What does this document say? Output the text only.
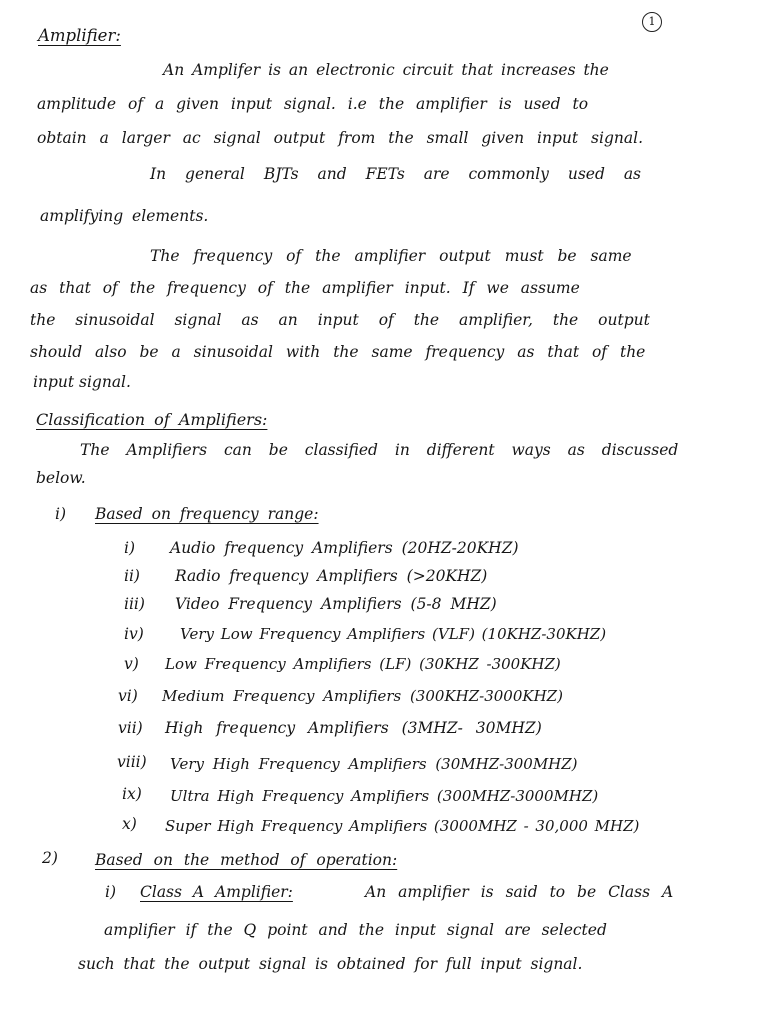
1
Amplifier:
An Amplifer is an electronic circuit that increases the
amplitude of a given input signal. i.e the amplifier is used to
obtain a larger ac signal output from the small given input signal.
In general BJTs and FETs are commonly used as
amplifying elements.
The frequency of the amplifier output must be same
as that of the frequency of the amplifier input. If we assume
the sinusoidal signal as an input of the amplifier, the output
should also be a sinusoidal with the same frequency as that of the
input signal.
Classification of Amplifiers:
The Amplifiers can be classified in different ways as discussed
below.
i) Based on frequency range:
i) Audio frequency Amplifiers (20HZ-20KHZ)
ii) Radio frequency Amplifiers (>20KHZ)
iii) Video Frequency Amplifiers (5-8 MHZ)
iv) Very Low Frequency Amplifiers (VLF) (10KHZ-30KHZ)
v) Low Frequency Amplifiers (LF) (30KHZ -300KHZ)
vi) Medium Frequency Amplifiers (300KHZ-3000KHZ)
vii) High frequency Amplifiers (3MHZ- 30MHZ)
viii) Very High Frequency Amplifiers (30MHZ-300MHZ)
ix) Ultra High Frequency Amplifiers (300MHZ-3000MHZ)
x) Super High Frequency Amplifiers (3000MHZ - 30,000 MHZ)
2) Based on the method of operation:
i) Class A Amplifier:	An amplifier is said to be Class A
amplifier if the Q point and the input signal are selected
such that the output signal is obtained for full input signal.
